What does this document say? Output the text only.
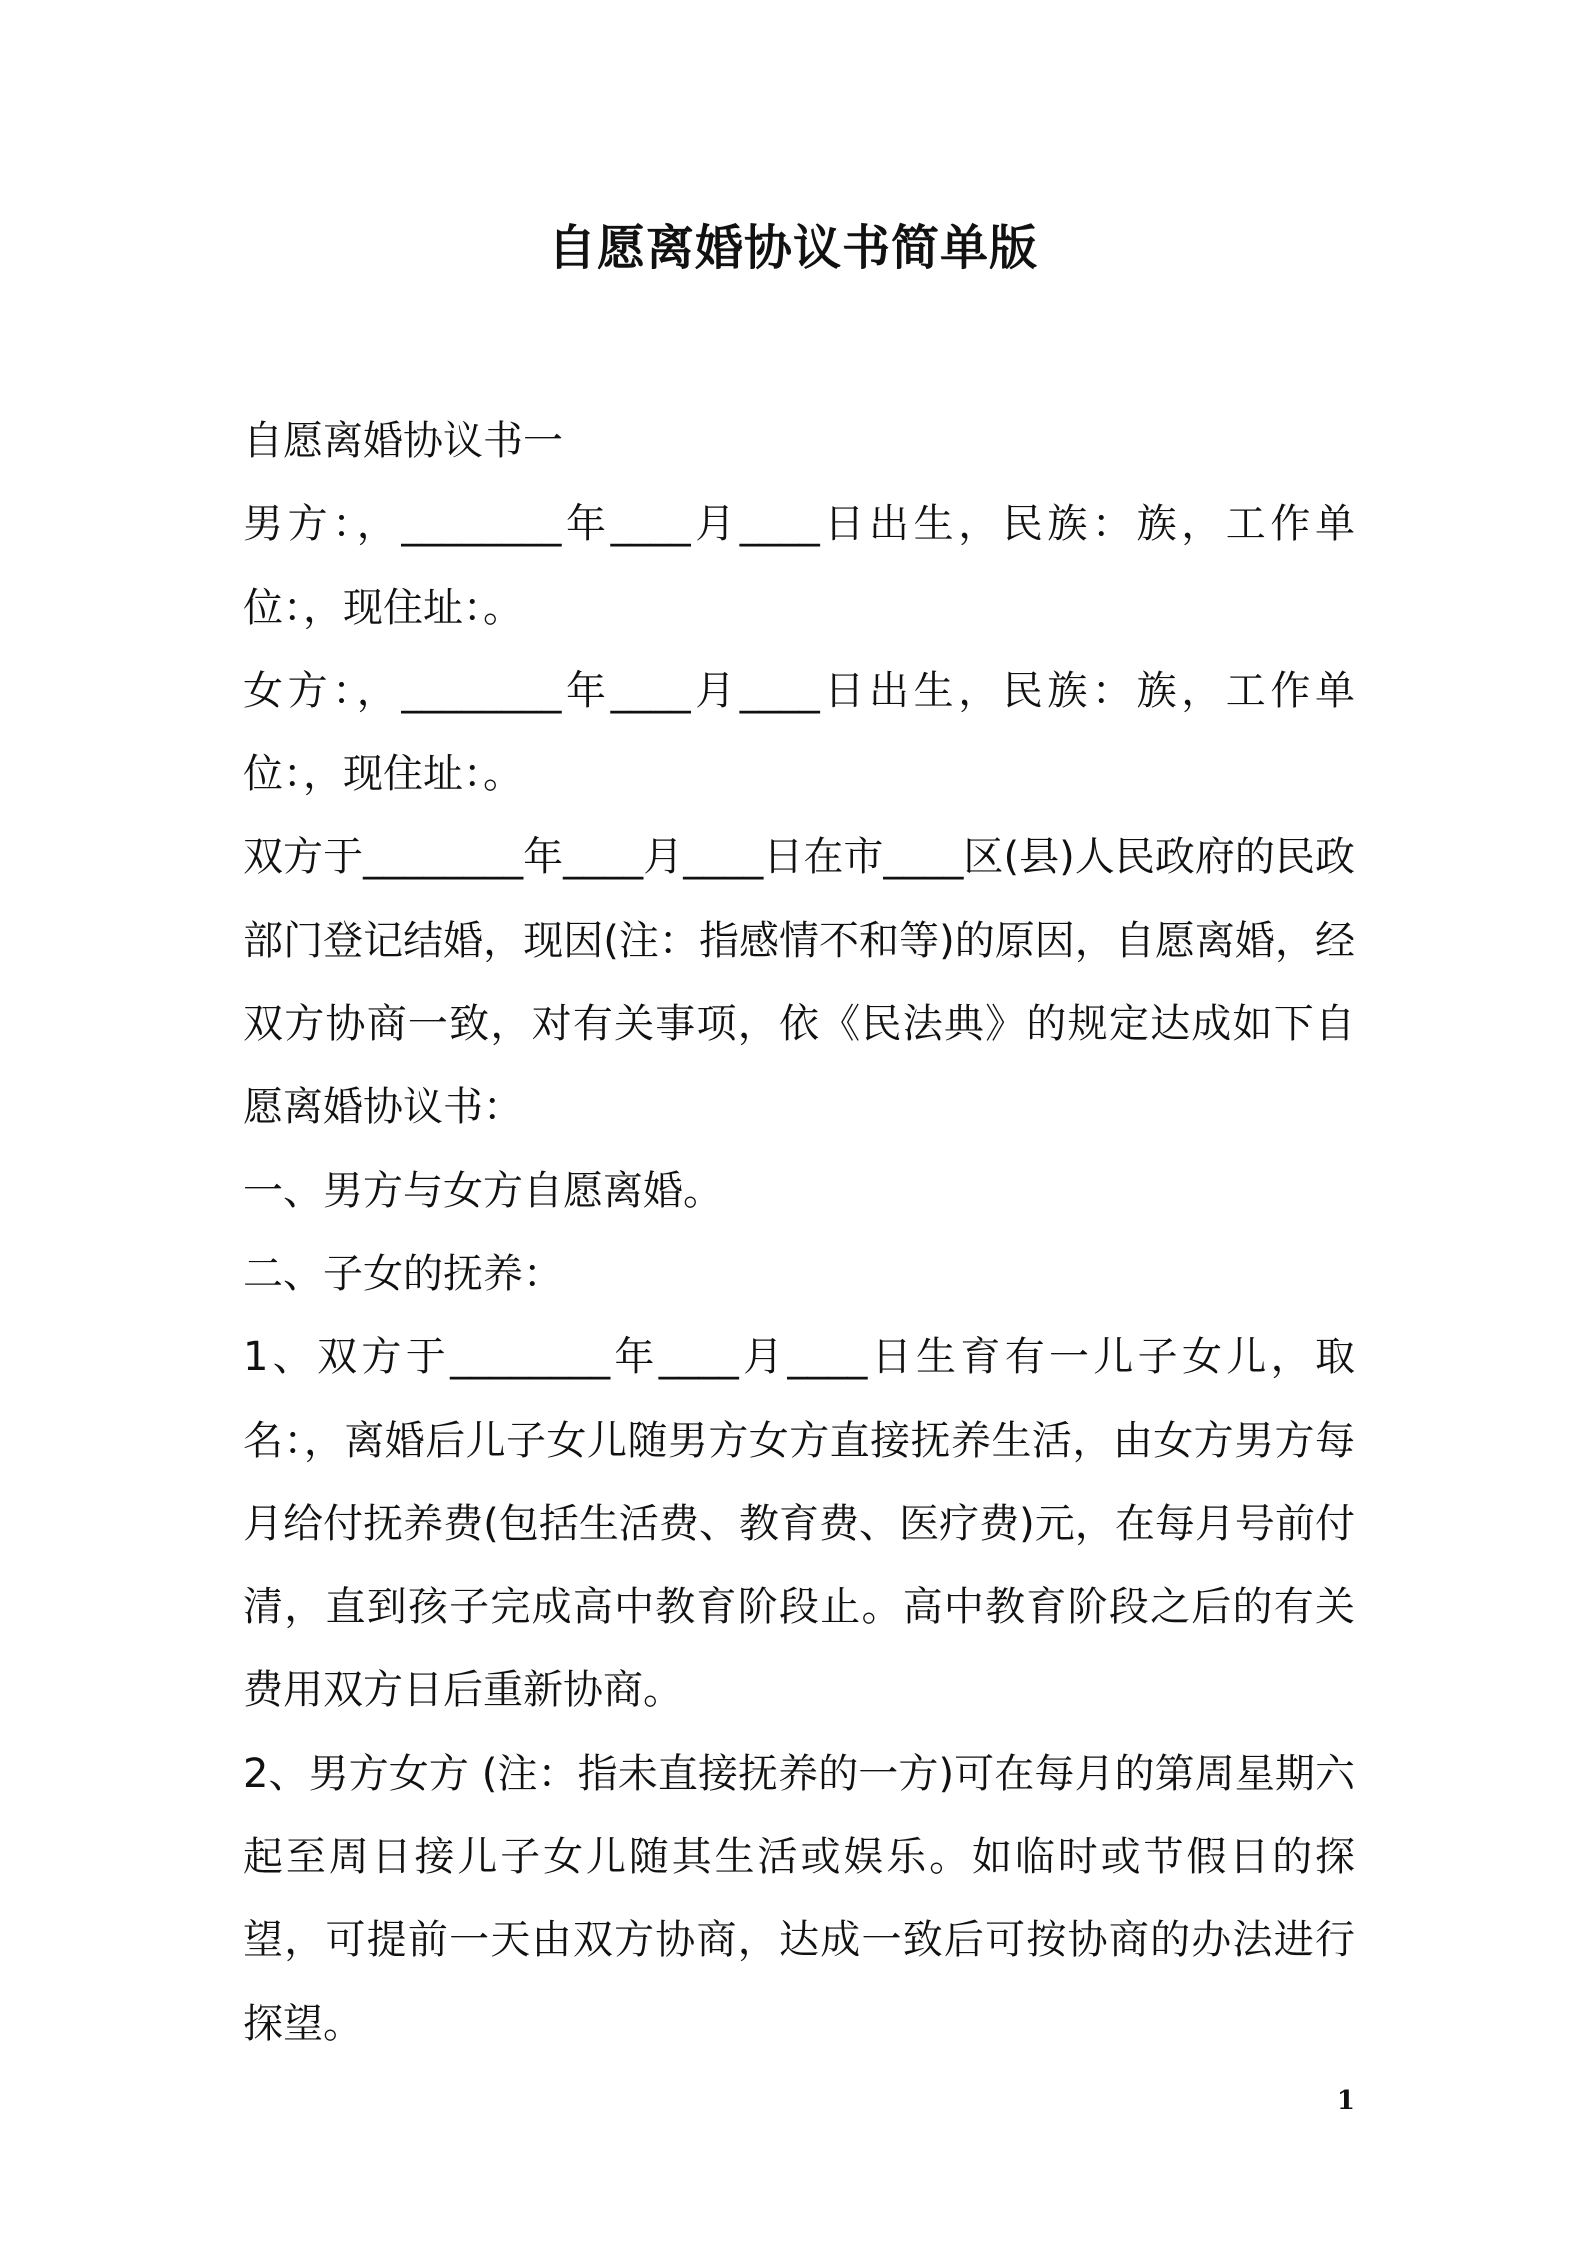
自愿离婚协议书简单版

自愿离婚协议书一

男方：，________年____月____日出生，民族：族，工作单位：，现住址：。

女方：，________年____月____日出生，民族：族，工作单位：，现住址：。

双方于________年____月____日在市____区(县)人民政府的民政部门登记结婚，现因(注：指感情不和等)的原因，自愿离婚，经双方协商一致，对有关事项，依《民法典》的规定达成如下自愿离婚协议书：

一、男方与女方自愿离婚。

二、子女的抚养：

1、双方于________年____月____日生育有一儿子女儿，取名：，离婚后儿子女儿随男方女方直接抚养生活，由女方男方每月给付抚养费(包括生活费、教育费、医疗费)元，在每月号前付清，直到孩子完成高中教育阶段止。高中教育阶段之后的有关费用双方日后重新协商。

2、男方女方 (注：指未直接抚养的一方)可在每月的第周星期六起至周日接儿子女儿随其生活或娱乐。如临时或节假日的探望，可提前一天由双方协商，达成一致后可按协商的办法进行探望。

1
